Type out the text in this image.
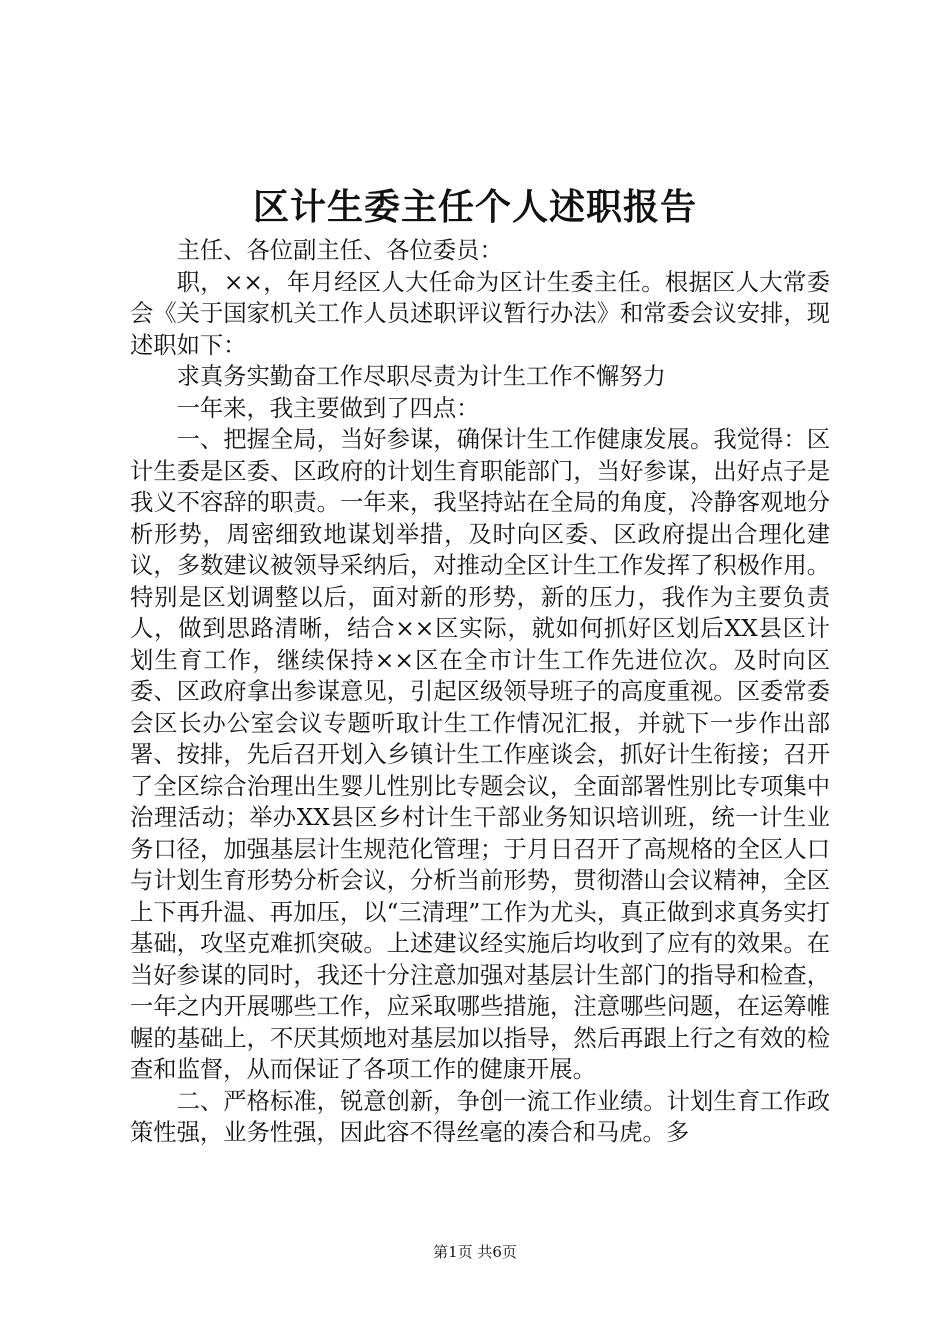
区计生委主任个人述职报告

主任、各位副主任、各位委员：

职，××，年月经区人大任命为区计生委主任。根据区人大常委会《关于国家机关工作人员述职评议暂行办法》和常委会议安排，现述职如下：

求真务实勤奋工作尽职尽责为计生工作不懈努力

一年来，我主要做到了四点：

一、把握全局，当好参谋，确保计生工作健康发展。我觉得：区计生委是区委、区政府的计划生育职能部门，当好参谋，出好点子是我义不容辞的职责。一年来，我坚持站在全局的角度，冷静客观地分析形势，周密细致地谋划举措，及时向区委、区政府提出合理化建议，多数建议被领导采纳后，对推动全区计生工作发挥了积极作用。特别是区划调整以后，面对新的形势，新的压力，我作为主要负责人，做到思路清晰，结合××区实际，就如何抓好区划后XX县区计划生育工作，继续保持××区在全市计生工作先进位次。及时向区委、区政府拿出参谋意见，引起区级领导班子的高度重视。区委常委会区长办公室会议专题听取计生工作情况汇报，并就下一步作出部署、按排，先后召开划入乡镇计生工作座谈会，抓好计生衔接；召开了全区综合治理出生婴儿性别比专题会议，全面部署性别比专项集中治理活动；举办XX县区乡村计生干部业务知识培训班，统一计生业务口径，加强基层计生规范化管理；于月日召开了高规格的全区人口与计划生育形势分析会议，分析当前形势，贯彻潜山会议精神，全区上下再升温、再加压，以“三清理”工作为尤头，真正做到求真务实打基础，攻坚克难抓突破。上述建议经实施后均收到了应有的效果。在当好参谋的同时，我还十分注意加强对基层计生部门的指导和检查，一年之内开展哪些工作，应采取哪些措施，注意哪些问题，在运筹帷幄的基础上，不厌其烦地对基层加以指导，然后再跟上行之有效的检查和监督，从而保证了各项工作的健康开展。

二、严格标准，锐意创新，争创一流工作业绩。计划生育工作政策性强，业务性强，因此容不得丝毫的凑合和马虎。多

第1页 共6页
